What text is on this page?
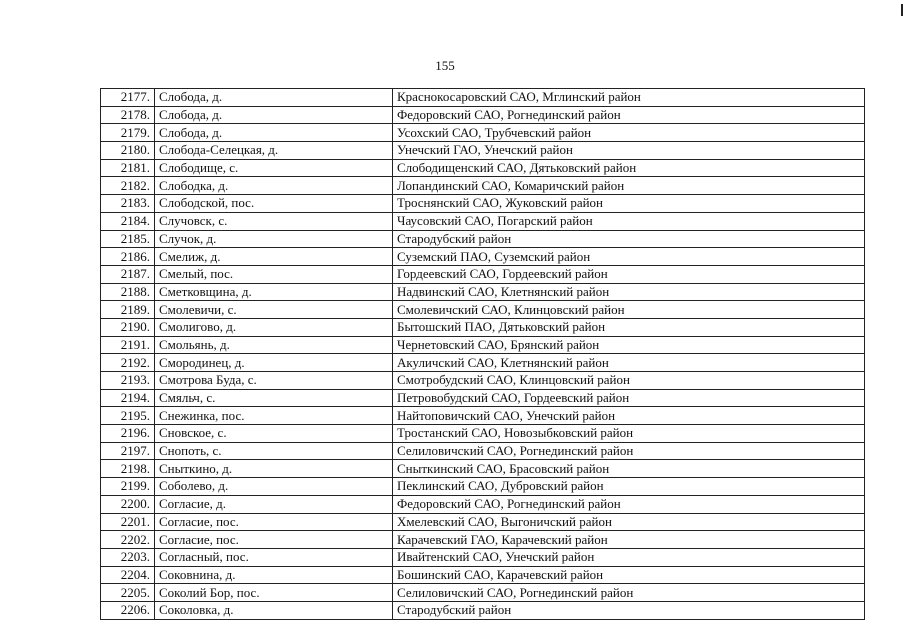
155
2177.	Слобода, д.	Краснокосаровский САО, Мглинский район
2178.	Слобода, д.	Федоровский САО, Рогнединский район
2179.	Слобода, д.	Усохский САО, Трубчевский район
2180.	Слобода-Селецкая, д.	Унечский ГАО, Унечский район
2181.	Слободище, с.	Слободищенский САО, Дятьковский район
2182.	Слободка, д.	Лопандинский САО, Комаричский район
2183.	Слободской, пос.	Троснянский САО, Жуковский район
2184.	Случовск, с.	Чаусовский САО, Погарский район
2185.	Случок, д.	Стародубский район
2186.	Смелиж, д.	Суземский ПАО, Суземский район
2187.	Смелый, пос.	Гордеевский САО, Гордеевский район
2188.	Сметковщина, д.	Надвинский САО, Клетнянский район
2189.	Смолевичи, с.	Смолевичский САО, Клинцовский район
2190.	Смолигово, д.	Бытошский ПАО, Дятьковский район
2191.	Смольянь, д.	Чернетовский САО, Брянский район
2192.	Смородинец, д.	Акуличский САО, Клетнянский район
2193.	Смотрова Буда, с.	Смотробудский САО, Клинцовский район
2194.	Смяльч, с.	Петровобудский САО, Гордеевский район
2195.	Снежинка, пос.	Найтоповичский САО, Унечский район
2196.	Сновское, с.	Тростанский САО, Новозыбковский район
2197.	Снопоть, с.	Селиловичский САО, Рогнединский район
2198.	Сныткино, д.	Сныткинский САО, Брасовский район
2199.	Соболево, д.	Пеклинский САО, Дубровский район
2200.	Согласие, д.	Федоровский САО, Рогнединский район
2201.	Согласие, пос.	Хмелевский САО, Выгоничский район
2202.	Согласие, пос.	Карачевский ГАО, Карачевский район
2203.	Согласный, пос.	Ивайтенский САО, Унечский район
2204.	Соковнина, д.	Бошинский САО, Карачевский район
2205.	Соколий Бор, пос.	Селиловичский САО, Рогнединский район
2206.	Соколовка, д.	Стародубский район
